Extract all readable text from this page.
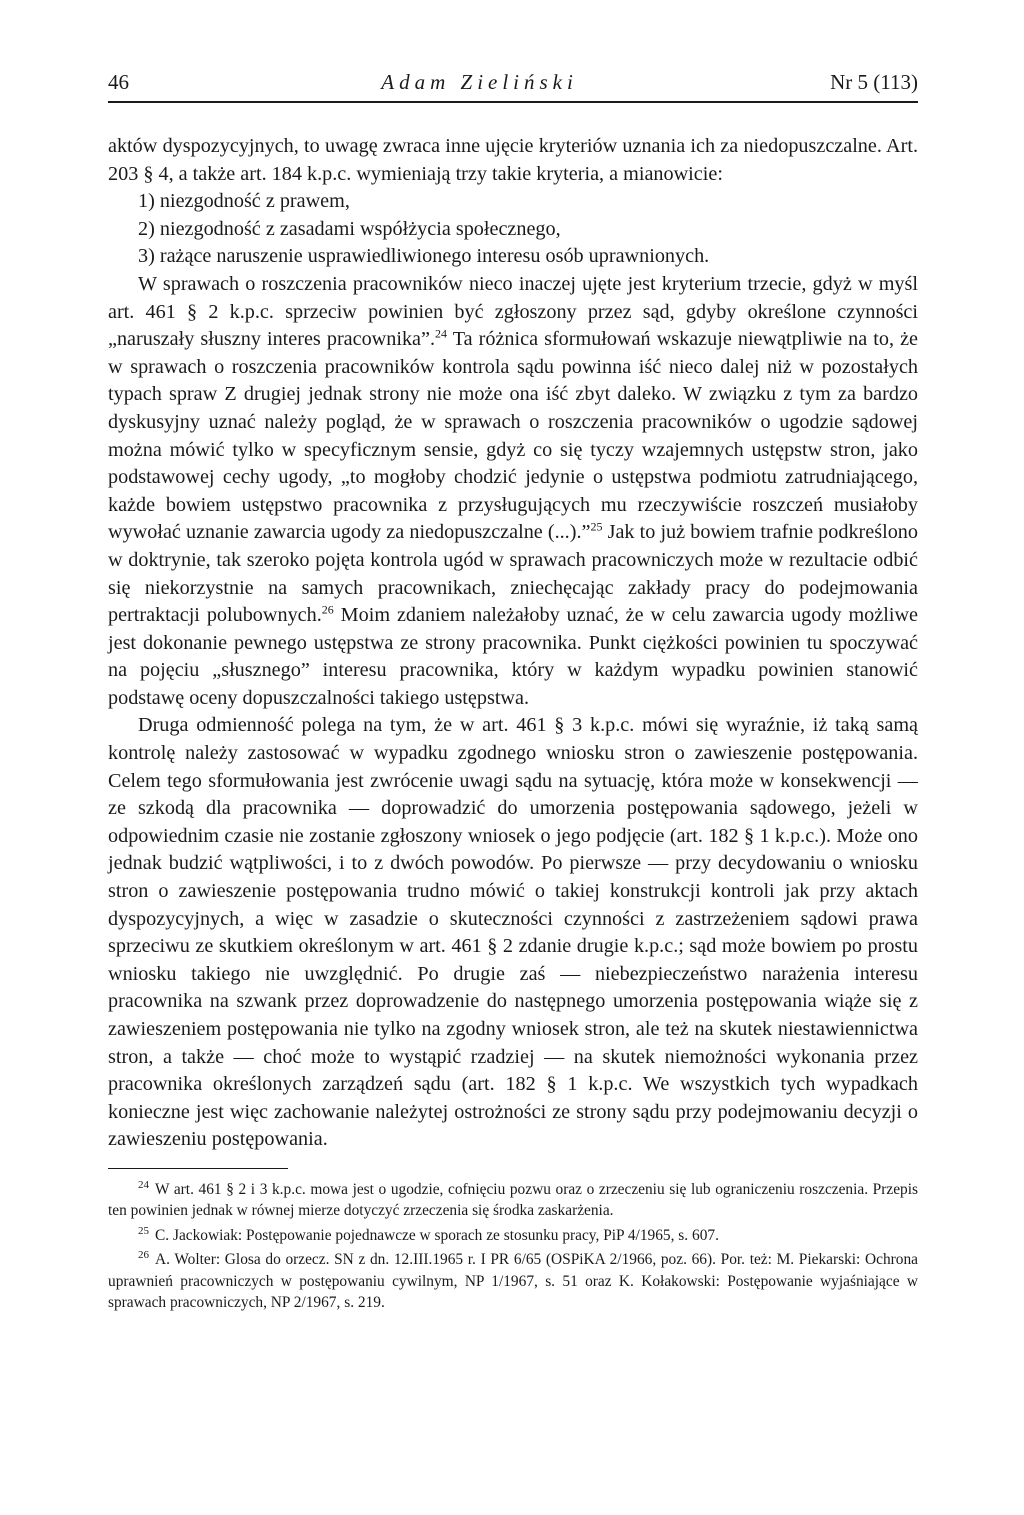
46	Adam Zieliński	Nr 5 (113)

aktów dyspozycyjnych, to uwagę zwraca inne ujęcie kryteriów uznania ich za niedopuszczalne. Art. 203 § 4, a także art. 184 k.p.c. wymieniają trzy takie kryteria, a mianowicie:

1) niezgodność z prawem,
2) niezgodność z zasadami współżycia społecznego,
3) rażące naruszenie usprawiedliwionego interesu osób uprawnionych.

W sprawach o roszczenia pracowników nieco inaczej ujęte jest kryterium trzecie, gdyż w myśl art. 461 § 2 k.p.c. sprzeciw powinien być zgłoszony przez sąd, gdyby określone czynności „naruszały słuszny interes pracownika”.$^{24}$ Ta różnica sformułowań wskazuje niewątpliwie na to, że w sprawach o roszczenia pracowników kontrola sądu powinna iść nieco dalej niż w pozostałych typach spraw Z drugiej jednak strony nie może ona iść zbyt daleko. W związku z tym za bardzo dyskusyjny uznać należy pogląd, że w sprawach o roszczenia pracowników o ugodzie sądowej można mówić tylko w specyficznym sensie, gdyż co się tyczy wzajemnych ustępstw stron, jako podstawowej cechy ugody, „to mogłoby chodzić jedynie o ustępstwa podmiotu zatrudniającego, każde bowiem ustępstwo pracownika z przysługujących mu rzeczywiście roszczeń musiałoby wywołać uznanie zawarcia ugody za niedopuszczalne (...).”$^{25}$ Jak to już bowiem trafnie podkreślono w doktrynie, tak szeroko pojęta kontrola ugód w sprawach pracowniczych może w rezultacie odbić się niekorzystnie na samych pracownikach, zniechęcając zakłady pracy do podejmowania pertraktacji polubownych.$^{26}$ Moim zdaniem należałoby uznać, że w celu zawarcia ugody możliwe jest dokonanie pewnego ustępstwa ze strony pracownika. Punkt ciężkości powinien tu spoczywać na pojęciu „słusznego” interesu pracownika, który w każdym wypadku powinien stanowić podstawę oceny dopuszczalności takiego ustępstwa.

Druga odmienność polega na tym, że w art. 461 § 3 k.p.c. mówi się wyraźnie, iż taką samą kontrolę należy zastosować w wypadku zgodnego wniosku stron o zawieszenie postępowania. Celem tego sformułowania jest zwrócenie uwagi sądu na sytuację, która może w konsekwencji — ze szkodą dla pracownika — doprowadzić do umorzenia postępowania sądowego, jeżeli w odpowiednim czasie nie zostanie zgłoszony wniosek o jego podjęcie (art. 182 § 1 k.p.c.). Może ono jednak budzić wątpliwości, i to z dwóch powodów. Po pierwsze — przy decydowaniu o wniosku stron o zawieszenie postępowania trudno mówić o takiej konstrukcji kontroli jak przy aktach dyspozycyjnych, a więc w zasadzie o skuteczności czynności z zastrzeżeniem sądowi prawa sprzeciwu ze skutkiem określonym w art. 461 § 2 zdanie drugie k.p.c.; sąd może bowiem po prostu wniosku takiego nie uwzględnić. Po drugie zaś — niebezpieczeństwo narażenia interesu pracownika na szwank przez doprowadzenie do następnego umorzenia postępowania wiąże się z zawieszeniem postępowania nie tylko na zgodny wniosek stron, ale też na skutek niestawiennictwa stron, a także — choć może to wystąpić rzadziej — na skutek niemożności wykonania przez pracownika określonych zarządzeń sądu (art. 182 § 1 k.p.c. We wszystkich tych wypadkach konieczne jest więc zachowanie należytej ostrożności ze strony sądu przy podejmowaniu decyzji o zawieszeniu postępowania.

$^{24}$ W art. 461 § 2 i 3 k.p.c. mowa jest o ugodzie, cofnięciu pozwu oraz o zrzeczeniu się lub ograniczeniu roszczenia. Przepis ten powinien jednak w równej mierze dotyczyć zrzeczenia się środka zaskarżenia.

$^{25}$ C. Jackowiak: Postępowanie pojednawcze w sporach ze stosunku pracy, PiP 4/1965, s. 607.

$^{26}$ A. Wolter: Glosa do orzecz. SN z dn. 12.III.1965 r. I PR 6/65 (OSPiKA 2/1966, poz. 66). Por. też: M. Piekarski: Ochrona uprawnień pracowniczych w postępowaniu cywilnym, NP 1/1967, s. 51 oraz K. Kołakowski: Postępowanie wyjaśniające w sprawach pracowniczych, NP 2/1967, s. 219.
